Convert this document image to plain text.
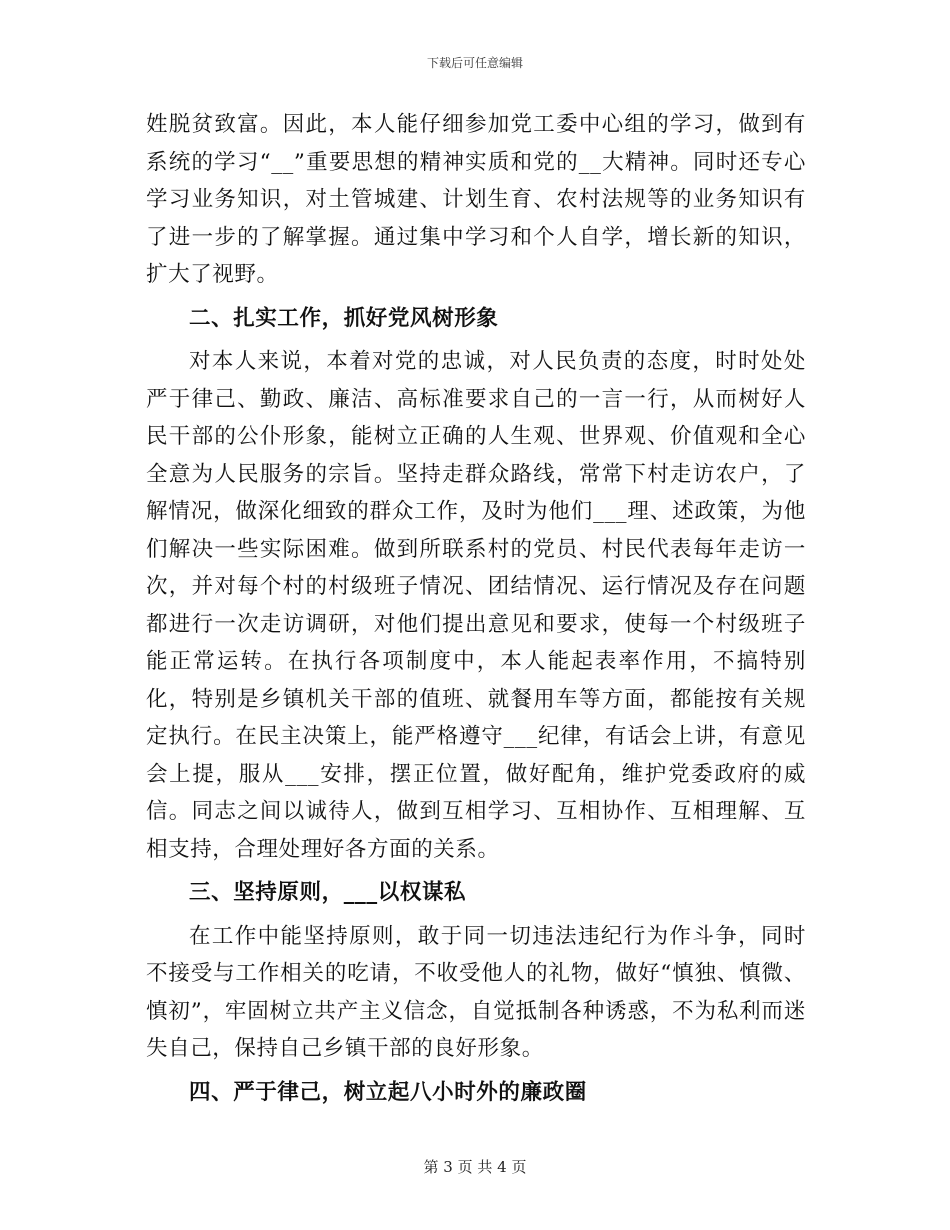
下载后可任意编辑

姓脱贫致富。因此，本人能仔细参加党工委中心组的学习，做到有系统的学习“__”重要思想的精神实质和党的__大精神。同时还专心学习业务知识，对土管城建、计划生育、农村法规等的业务知识有了进一步的了解掌握。通过集中学习和个人自学，增长新的知识，扩大了视野。

二、扎实工作，抓好党风树形象

对本人来说，本着对党的忠诚，对人民负责的态度，时时处处严于律己、勤政、廉洁、高标准要求自己的一言一行，从而树好人民干部的公仆形象，能树立正确的人生观、世界观、价值观和全心全意为人民服务的宗旨。坚持走群众路线，常常下村走访农户，了解情况，做深化细致的群众工作，及时为他们___理、述政策，为他们解决一些实际困难。做到所联系村的党员、村民代表每年走访一次，并对每个村的村级班子情况、团结情况、运行情况及存在问题都进行一次走访调研，对他们提出意见和要求，使每一个村级班子能正常运转。在执行各项制度中，本人能起表率作用，不搞特别化，特别是乡镇机关干部的值班、就餐用车等方面，都能按有关规定执行。在民主决策上，能严格遵守___纪律，有话会上讲，有意见会上提，服从___安排，摆正位置，做好配角，维护党委政府的威信。同志之间以诚待人，做到互相学习、互相协作、互相理解、互相支持，合理处理好各方面的关系。

三、坚持原则，___以权谋私

在工作中能坚持原则，敢于同一切违法违纪行为作斗争，同时不接受与工作相关的吃请，不收受他人的礼物，做好“慎独、慎微、慎初”，牢固树立共产主义信念，自觉抵制各种诱惑，不为私利而迷失自己，保持自己乡镇干部的良好形象。

四、严于律己，树立起八小时外的廉政圈

第 3 页 共 4 页
